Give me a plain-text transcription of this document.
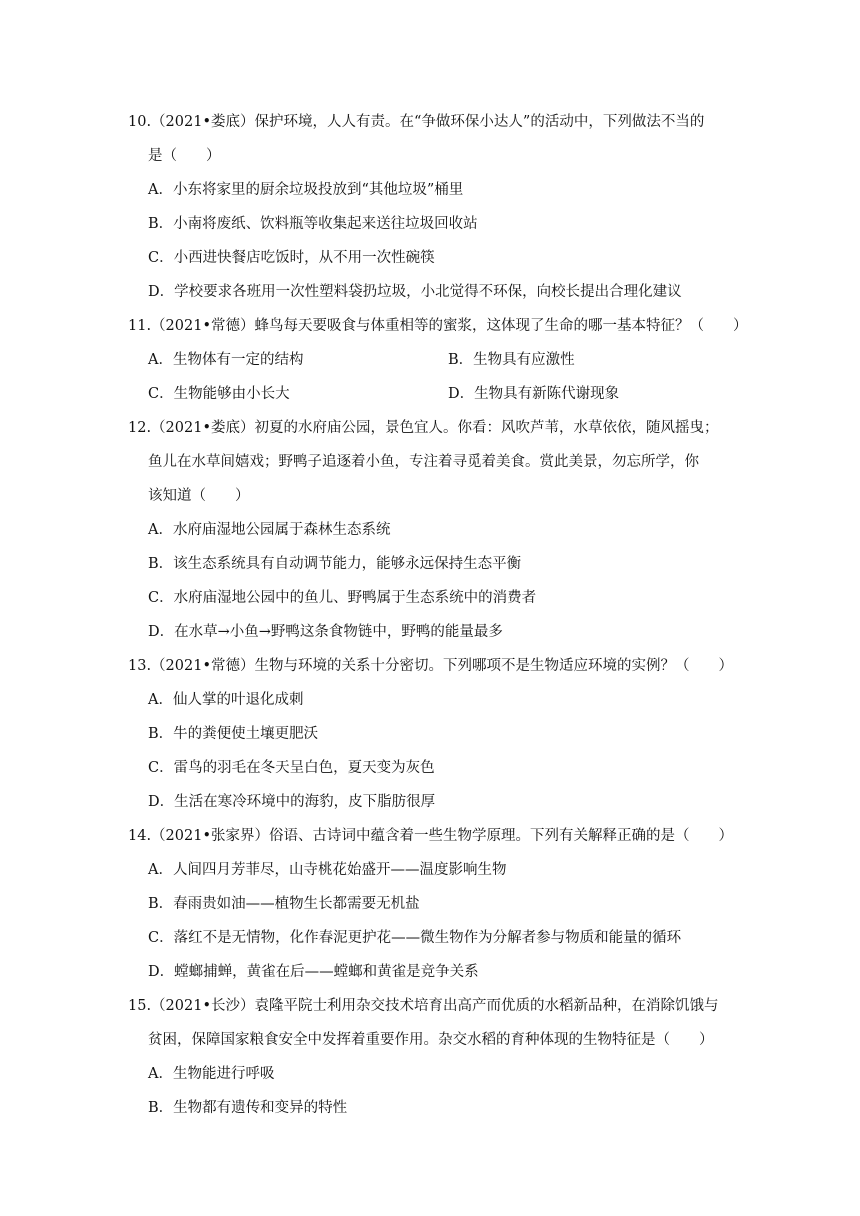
10.（2021•娄底）保护环境，人人有责。在“争做环保小达人”的活动中，下列做法不当的
是（　　）
A．小东将家里的厨余垃圾投放到“其他垃圾”桶里
B．小南将废纸、饮料瓶等收集起来送往垃圾回收站
C．小西进快餐店吃饭时，从不用一次性碗筷
D．学校要求各班用一次性塑料袋扔垃圾，小北觉得不环保，向校长提出合理化建议
11.（2021•常德）蜂鸟每天要吸食与体重相等的蜜浆，这体现了生命的哪一基本特征？（　　）
A．生物体有一定的结构	B．生物具有应激性
C．生物能够由小长大	D．生物具有新陈代谢现象
12.（2021•娄底）初夏的水府庙公园，景色宜人。你看：风吹芦苇，水草依依，随风摇曳；
鱼儿在水草间嬉戏；野鸭子追逐着小鱼，专注着寻觅着美食。赏此美景，勿忘所学，你
该知道（　　）
A．水府庙湿地公园属于森林生态系统
B．该生态系统具有自动调节能力，能够永远保持生态平衡
C．水府庙湿地公园中的鱼儿、野鸭属于生态系统中的消费者
D．在水草→小鱼→野鸭这条食物链中，野鸭的能量最多
13.（2021•常德）生物与环境的关系十分密切。下列哪项不是生物适应环境的实例？（　　）
A．仙人掌的叶退化成刺
B．牛的粪便使土壤更肥沃
C．雷鸟的羽毛在冬天呈白色，夏天变为灰色
D．生活在寒冷环境中的海豹，皮下脂肪很厚
14.（2021•张家界）俗语、古诗词中蕴含着一些生物学原理。下列有关解释正确的是（　　）
A．人间四月芳菲尽，山寺桃花始盛开——温度影响生物
B．春雨贵如油——植物生长都需要无机盐
C．落红不是无情物，化作春泥更护花——微生物作为分解者参与物质和能量的循环
D．螳螂捕蝉，黄雀在后——螳螂和黄雀是竞争关系
15.（2021•长沙）袁隆平院士利用杂交技术培育出高产而优质的水稻新品种，在消除饥饿与
贫困，保障国家粮食安全中发挥着重要作用。杂交水稻的育种体现的生物特征是（　　）
A．生物能进行呼吸
B．生物都有遗传和变异的特性
